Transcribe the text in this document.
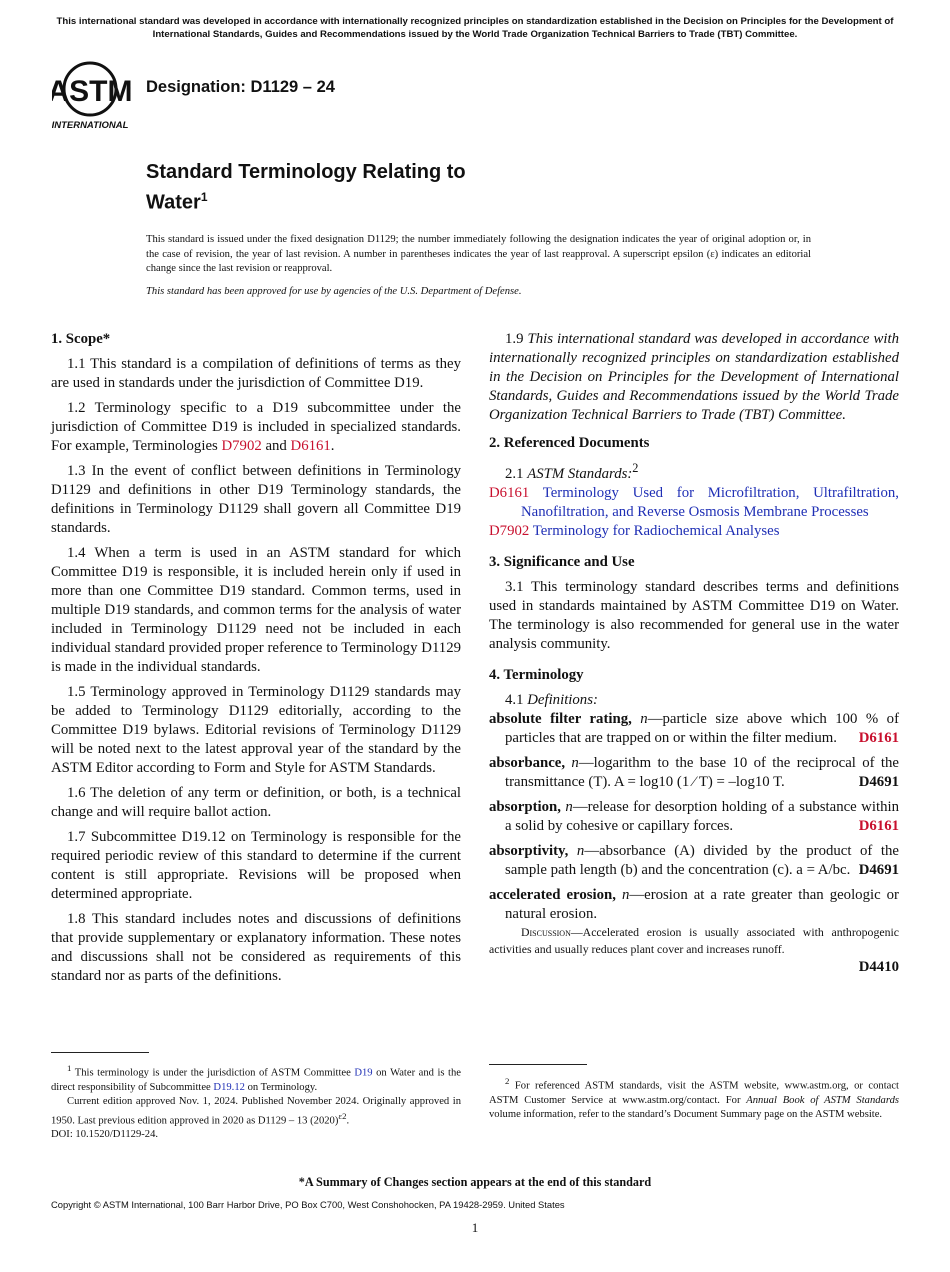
This international standard was developed in accordance with internationally recognized principles on standardization established in the Decision on Principles for the Development of International Standards, Guides and Recommendations issued by the World Trade Organization Technical Barriers to Trade (TBT) Committee.
ASTM
INTERNATIONAL
Designation: D1129 – 24
Standard Terminology Relating to
Water$^1$
This standard is issued under the fixed designation D1129; the number immediately following the designation indicates the year of original adoption or, in the case of revision, the year of last revision. A number in parentheses indicates the year of last reapproval. A superscript epsilon (ε) indicates an editorial change since the last revision or reapproval.
This standard has been approved for use by agencies of the U.S. Department of Defense.

1. Scope*

1.1 This standard is a compilation of definitions of terms as they are used in standards under the jurisdiction of Committee D19.

1.2 Terminology specific to a D19 subcommittee under the jurisdiction of Committee D19 is included in specialized standards. For example, Terminologies D7902 and D6161.

1.3 In the event of conflict between definitions in Terminology D1129 and definitions in other D19 Terminology standards, the definitions in Terminology D1129 shall govern all Committee D19 standards.

1.4 When a term is used in an ASTM standard for which Committee D19 is responsible, it is included herein only if used in more than one Committee D19 standard. Common terms, used in multiple D19 standards, and common terms for the analysis of water included in Terminology D1129 need not be included in each individual standard provided proper reference to Terminology D1129 is made in the individual standards.

1.5 Terminology approved in Terminology D1129 standards may be added to Terminology D1129 editorially, according to the Committee D19 bylaws. Editorial revisions of Terminology D1129 will be noted next to the latest approval year of the standard by the ASTM Editor according to Form and Style for ASTM Standards.

1.6 The deletion of any term or definition, or both, is a technical change and will require ballot action.

1.7 Subcommittee D19.12 on Terminology is responsible for the required periodic review of this standard to determine if the current content is still appropriate. Revisions will be proposed when determined appropriate.

1.8 This standard includes notes and discussions of definitions that provide supplementary or explanatory information. These notes and discussions shall not be considered as requirements of this standard nor as parts of the definitions.

$^1$ This terminology is under the jurisdiction of ASTM Committee D19 on Water and is the direct responsibility of Subcommittee D19.12 on Terminology.

Current edition approved Nov. 1, 2024. Published November 2024. Originally approved in 1950. Last previous edition approved in 2020 as D1129 – 13 $(2020)^{\varepsilon 2}$.

DOI: 10.1520/D1129-24.

1.9 This international standard was developed in accordance with internationally recognized principles on standardization established in the Decision on Principles for the Development of International Standards, Guides and Recommendations issued by the World Trade Organization Technical Barriers to Trade (TBT) Committee.

2. Referenced Documents

2.1 ASTM Standards:$^2$

D6161 Terminology Used for Microfiltration, Ultrafiltration, Nanofiltration, and Reverse Osmosis Membrane Processes

D7902 Terminology for Radiochemical Analyses

3. Significance and Use

3.1 This terminology standard describes terms and definitions used in standards maintained by ASTM Committee D19 on Water. The terminology is also recommended for general use in the water analysis community.

4. Terminology

4.1 Definitions:

absolute filter rating, n—particle size above which 100 % of particles that are trapped on or within the filter medium. D6161

absorbance, n—logarithm to the base 10 of the reciprocal of the transmittance (T). A = log10 (1 ⁄ T) = –log10 T.	D4691

absorption, n—release for desorption holding of a substance within a solid by cohesive or capillary forces.	D6161

absorptivity, n—absorbance (A) divided by the product of the sample path length (b) and the concentration (c). a = A/bc. D4691

accelerated erosion, n—erosion at a rate greater than geologic or natural erosion.

Discussion—Accelerated erosion is usually associated with anthropogenic activities and usually reduces plant cover and increases runoff.

D4410

$^2$ For referenced ASTM standards, visit the ASTM website, www.astm.org, or contact ASTM Customer Service at www.astm.org/contact. For Annual Book of ASTM Standards volume information, refer to the standard’s Document Summary page on the ASTM website.

*A Summary of Changes section appears at the end of this standard
Copyright © ASTM International, 100 Barr Harbor Drive, PO Box C700, West Conshohocken, PA 19428-2959. United States
1
